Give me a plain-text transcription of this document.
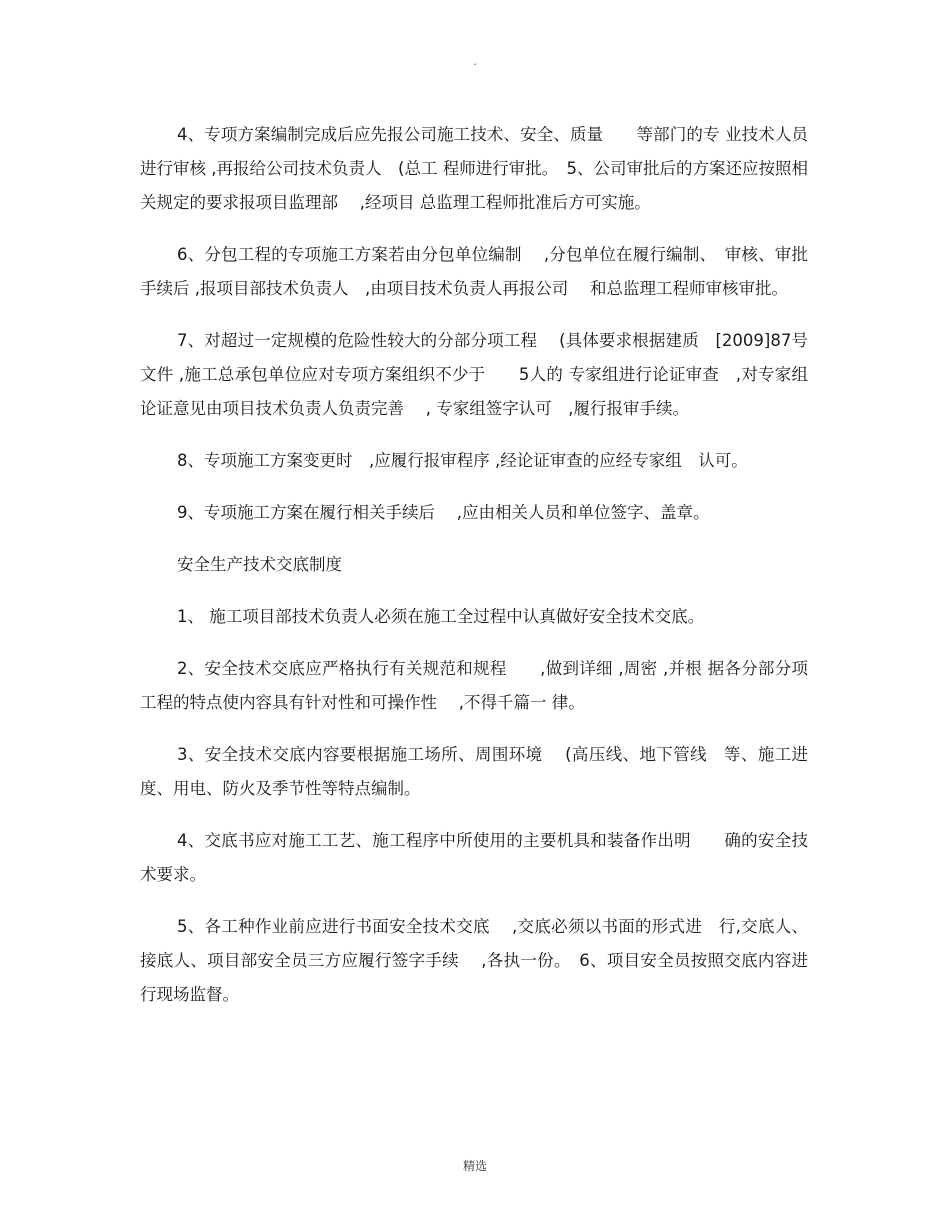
·

4、专项方案编制完成后应先报公司施工技术、安全、质量　　等部门的专 业技术人员进行审核 ,再报给公司技术负责人　(总工 程师进行审批。　5、公司审批后的方案还应按照相关规定的要求报项目监理部　 ,经项目 总监理工程师批准后方可实施。

6、分包工程的专项施工方案若由分包单位编制　 ,分包单位在履行编制、　审核、审批手续后 ,报项目部技术负责人　,由项目技术负责人再报公司　 和总监理工程师审核审批。

7、对超过一定规模的危险性较大的分部分项工程　 (具体要求根据建质　[2009]87号文件 ,施工总承包单位应对专项方案组织不少于　　5人的 专家组进行论证审查　,对专家组论证意见由项目技术负责人负责完善　 , 专家组签字认可　,履行报审手续。

8、专项施工方案变更时　,应履行报审程序 ,经论证审查的应经专家组　认可。

9、专项施工方案在履行相关手续后　 ,应由相关人员和单位签字、盖章。

安全生产技术交底制度

1、 施工项目部技术负责人必须在施工全过程中认真做好安全技术交底。

2、安全技术交底应严格执行有关规范和规程　　,做到详细 ,周密 ,并根 据各分部分项工程的特点使内容具有针对性和可操作性　 ,不得千篇一 律。

3、安全技术交底内容要根据施工场所、周围环境　 (高压线、地下管线　等、施工进度、用电、防火及季节性等特点编制。

4、交底书应对施工工艺、施工程序中所使用的主要机具和装备作出明　　确的安全技术要求。

5、各工种作业前应进行书面安全技术交底　 ,交底必须以书面的形式进　行,交底人、接底人、项目部安全员三方应履行签字手续　 ,各执一份。　6、项目安全员按照交底内容进行现场监督。

精选
